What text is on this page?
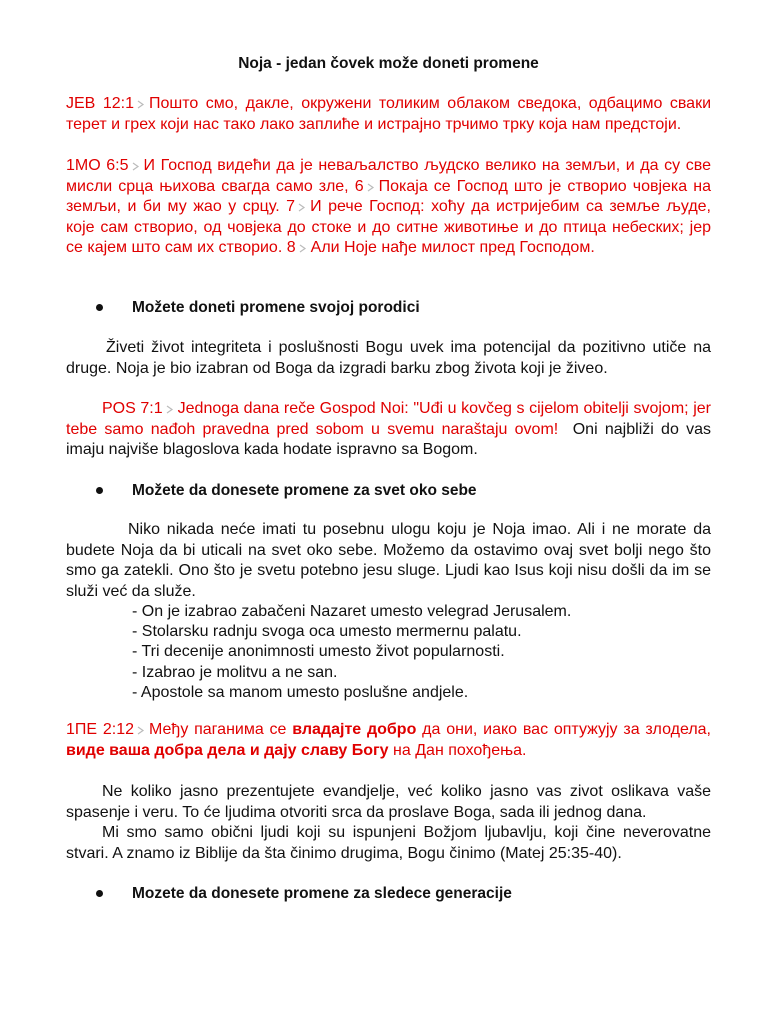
Noja - jedan čovek može doneti promene
JEB 12:1 Пошто смо, дакле, окружени толиким облаком сведока, одбацимо сваки терет и грех који нас тако лако заплиће и истрајно трчимо трку која нам предстоји.
1MO 6:5 И Господ видећи да је неваљалство људско велико на земљи, и да су све мисли срца њихова свагда само зле, 6 Покаја се Господ што је створио човјека на земљи, и би му жао у срцу. 7 И рече Господ: хоћу да истријебим са земље људе, које сам створио, од човјека до стоке и до ситне животиње и до птица небеских; јер се кајем што сам их створио. 8 Али Ноје нађе милост пред Господом.
Možete doneti promene svojoj porodici
Živeti život integriteta i poslušnosti Bogu uvek ima potencijal da pozitivno utiče na druge. Noja je bio izabran od Boga da izgradi barku zbog života koji je živeo.
POS 7:1 Jednoga dana reče Gospod Noi: "Uđi u kovčeg s cijelom obitelji svojom; jer tebe samo nađoh pravedna pred sobom u svemu naraštaju ovom! Oni najbliži do vas imaju najviše blagoslova kada hodate ispravno sa Bogom.
Možete da donesete promene za svet oko sebe
Niko nikada neće imati tu posebnu ulogu koju je Noja imao. Ali i ne morate da budete Noja da bi uticali na svet oko sebe. Možemo da ostavimo ovaj svet bolji nego što smo ga zatekli. Ono što je svetu potebno jesu sluge. Ljudi kao Isus koji nisu došli da im se služi već da služe.
- On je izabrao zabačeni Nazaret umesto velegrad Jerusalem.
- Stolarsku radnju svoga oca umesto mermernu palatu.
- Tri decenije anonimnosti umesto život popularnosti.
- Izabrao je molitvu a ne san.
- Apostole sa manom umesto poslušne andjele.
1ПЕ 2:12 Међу паганима се владајте добро да они, иако вас оптужују за злодела, виде ваша добра дела и дају славу Богу на Дан похођења.
Ne koliko jasno prezentujete evandjelje, već koliko jasno vas zivot oslikava vaše spasenje i veru. To će ljudima otvoriti srca da proslave Boga, sada ili jednog dana.
Mi smo samo obični ljudi koji su ispunjeni Božjom ljubavlju, koji čine neverovatne stvari. A znamo iz Biblije da šta činimo drugima, Bogu činimo (Matej 25:35-40).
Mozete da donesete promene za sledece generacije
